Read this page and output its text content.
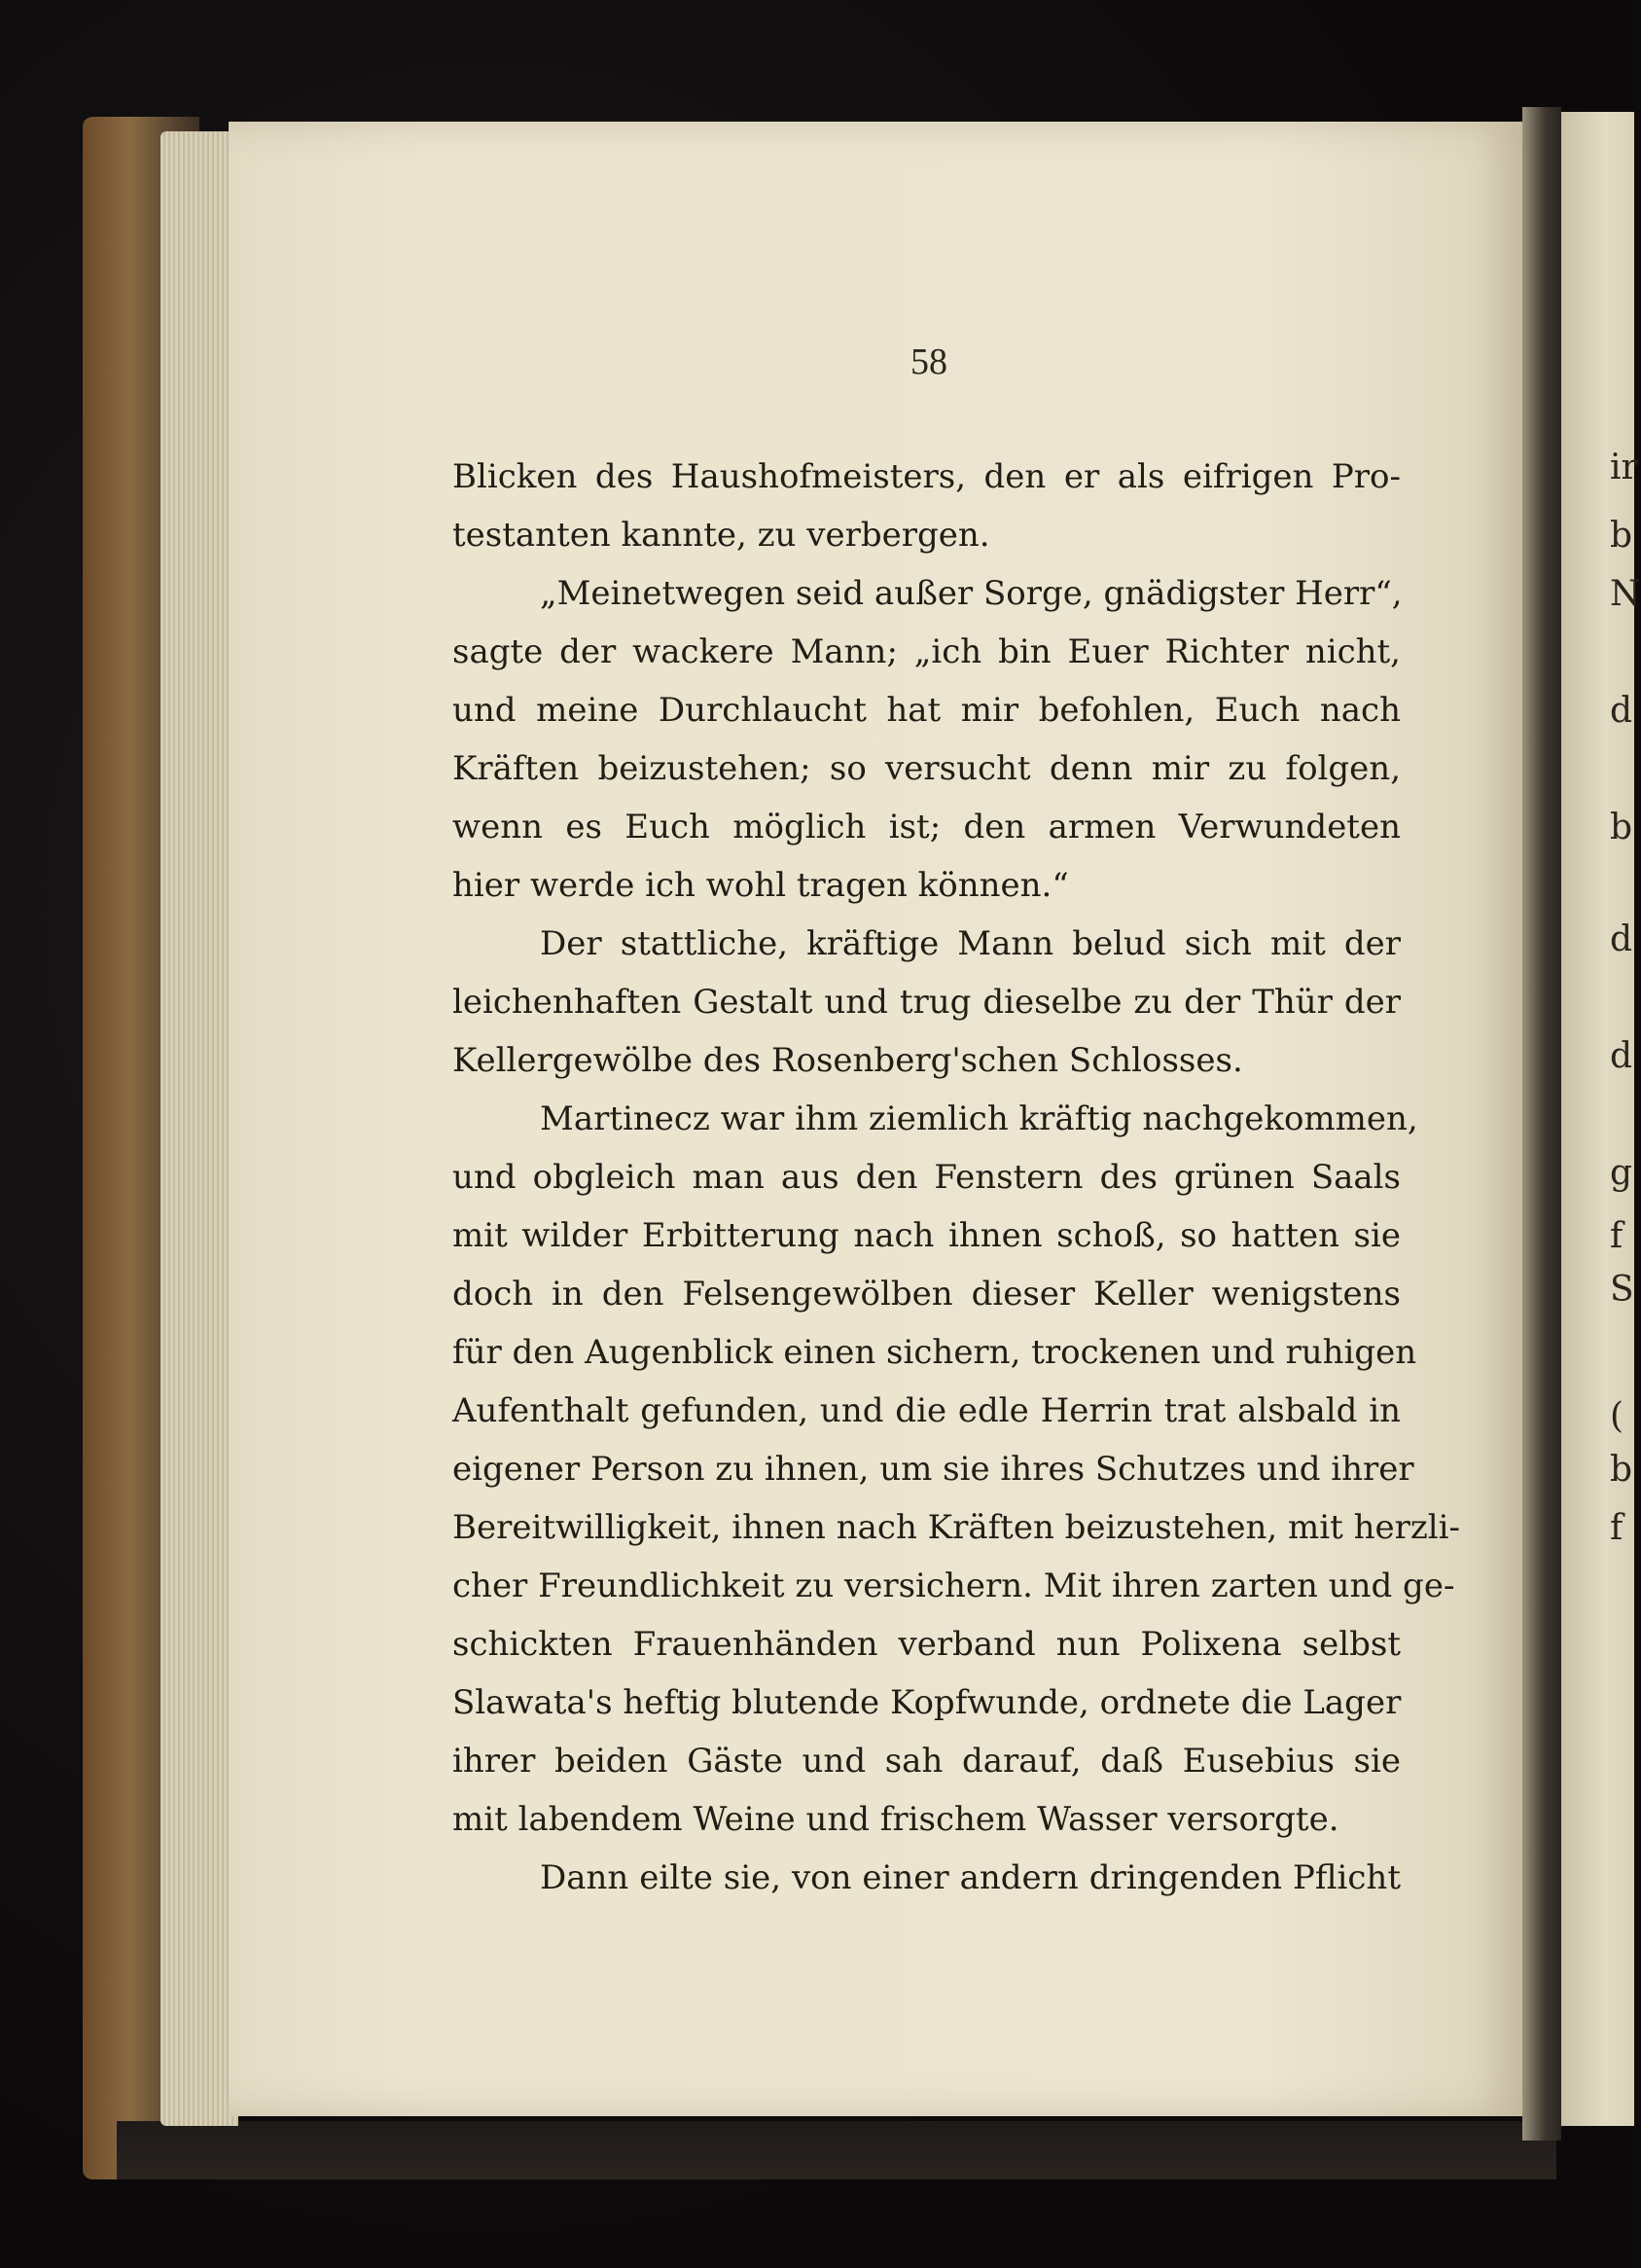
ir
b
N
d
b
d
d
g
f
S
(
b
f
58
Blicken des Haushofmeisters, den er als eifrigen Pro-
testanten kannte, zu verbergen.
„Meinetwegen seid außer Sorge, gnädigster Herr“,
sagte der wackere Mann; „ich bin Euer Richter nicht,
und meine Durchlaucht hat mir befohlen, Euch nach
Kräften beizustehen; so versucht denn mir zu folgen,
wenn es Euch möglich ist; den armen Verwundeten
hier werde ich wohl tragen können.“
Der stattliche, kräftige Mann belud sich mit der
leichenhaften Gestalt und trug dieselbe zu der Thür der
Kellergewölbe des Rosenberg'schen Schlosses.
Martinecz war ihm ziemlich kräftig nachgekommen,
und obgleich man aus den Fenstern des grünen Saals
mit wilder Erbitterung nach ihnen schoß, so hatten sie
doch in den Felsengewölben dieser Keller wenigstens
für den Augenblick einen sichern, trockenen und ruhigen
Aufenthalt gefunden, und die edle Herrin trat alsbald in
eigener Person zu ihnen, um sie ihres Schutzes und ihrer
Bereitwilligkeit, ihnen nach Kräften beizustehen, mit herzli-
cher Freundlichkeit zu versichern. Mit ihren zarten und ge-
schickten Frauenhänden verband nun Polixena selbst
Slawata's heftig blutende Kopfwunde, ordnete die Lager
ihrer beiden Gäste und sah darauf, daß Eusebius sie
mit labendem Weine und frischem Wasser versorgte.
Dann eilte sie, von einer andern dringenden Pflicht
